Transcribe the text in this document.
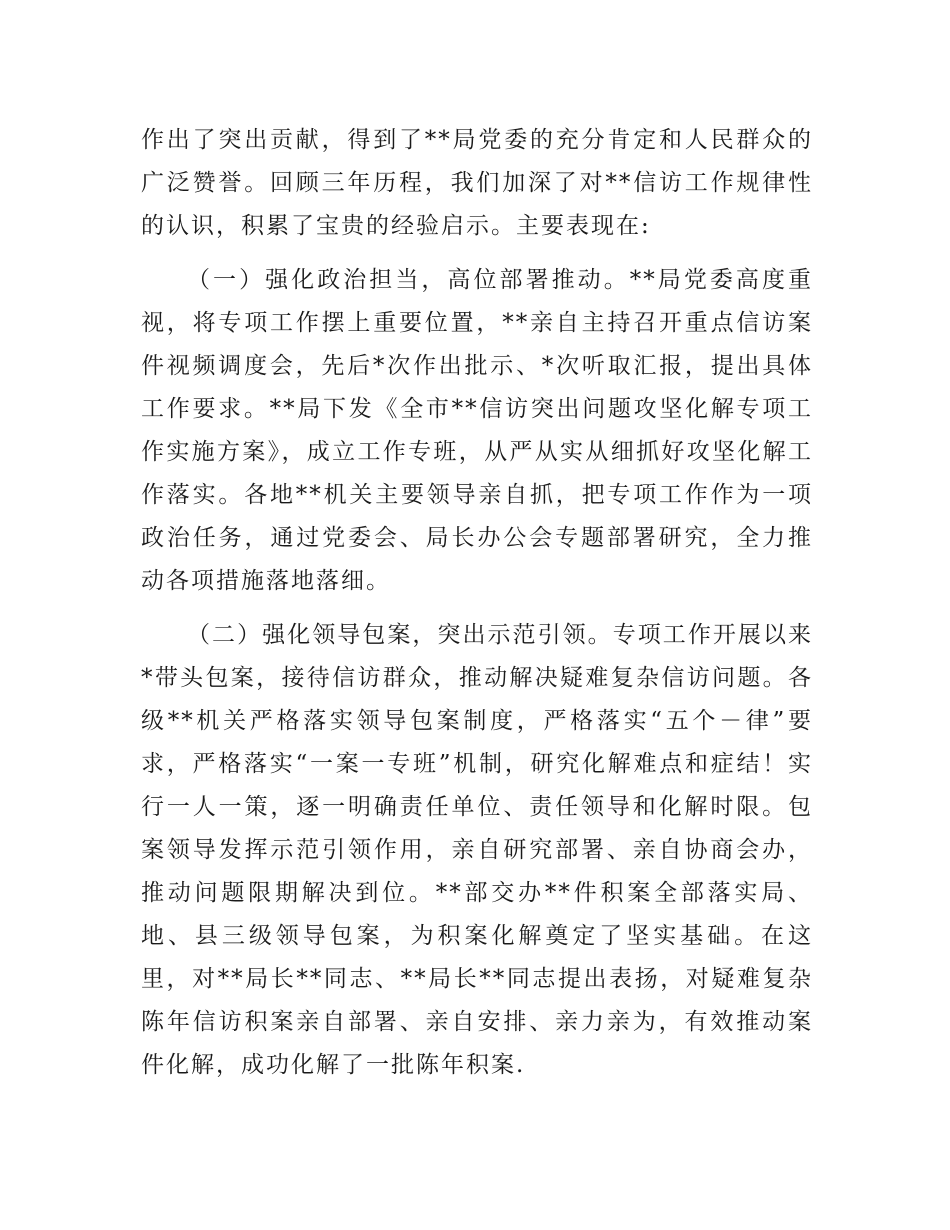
作出了突出贡献，得到了**局党委的充分肯定和人民群众的广泛赞誉。回顾三年历程，我们加深了对**信访工作规律性的认识，积累了宝贵的经验启示。主要表现在:

（一）强化政治担当，高位部署推动。**局党委高度重视，将专项工作摆上重要位置，**亲自主持召开重点信访案件视频调度会，先后*次作出批示、*次听取汇报，提出具体工作要求。**局下发《全市**信访突出问题攻坚化解专项工作实施方案》，成立工作专班，从严从实从细抓好攻坚化解工作落实。各地**机关主要领导亲自抓，把专项工作作为一项政治任务，通过党委会、局长办公会专题部署研究，全力推动各项措施落地落细。

（二）强化领导包案，突出示范引领。专项工作开展以来*带头包案，接待信访群众，推动解决疑难复杂信访问题。各级**机关严格落实领导包案制度，严格落实“五个－律”要求，严格落实“一案一专班”机制，研究化解难点和症结！实行一人一策，逐一明确责任单位、责任领导和化解时限。包案领导发挥示范引领作用，亲自研究部署、亲自协商会办，推动问题限期解决到位。**部交办**件积案全部落实局、地、县三级领导包案，为积案化解奠定了坚实基础。在这里，对**局长**同志、**局长**同志提出表扬，对疑难复杂陈年信访积案亲自部署、亲自安排、亲力亲为，有效推动案件化解，成功化解了一批陈年积案.
